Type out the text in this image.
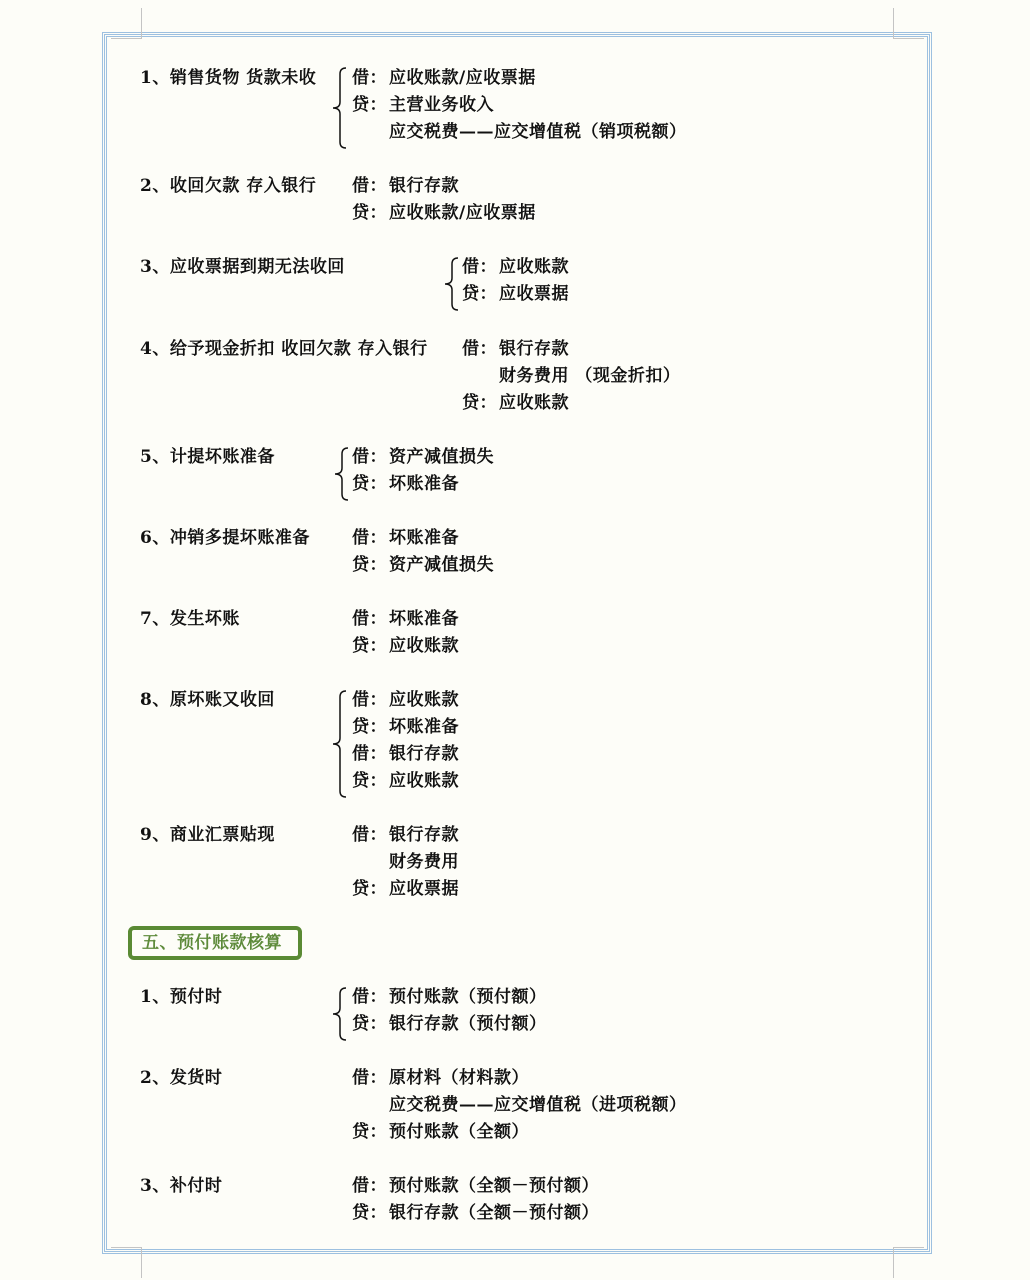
1、销售货物 货款未收 借： 应收账款/应收票据
贷： 主营业务收入
应交税费——应交增值税（销项税额）
2、收回欠款 存入银行 借： 银行存款
贷： 应收账款/应收票据
3、应收票据到期无法收回	借： 应收账款
贷： 应收票据
4、给予现金折扣 收回欠款 存入银行 借： 银行存款
财务费用 （现金折扣）
贷： 应收账款
5、计提坏账准备	借： 资产减值损失
贷： 坏账准备
6、冲销多提坏账准备 借： 坏账准备
贷： 资产减值损失
7、发生坏账	借： 坏账准备
贷： 应收账款
8、原坏账又收回	借： 应收账款
贷： 坏账准备
借： 银行存款
贷： 应收账款
9、商业汇票贴现	借： 银行存款
财务费用
贷： 应收票据
五、预付账款核算
1、预付时	借： 预付账款（预付额）
贷： 银行存款（预付额）
2、发货时	借： 原材料（材料款）
应交税费——应交增值税（进项税额）
贷： 预付账款（全额）
3、补付时	借： 预付账款（全额－预付额）
贷： 银行存款（全额－预付额）
